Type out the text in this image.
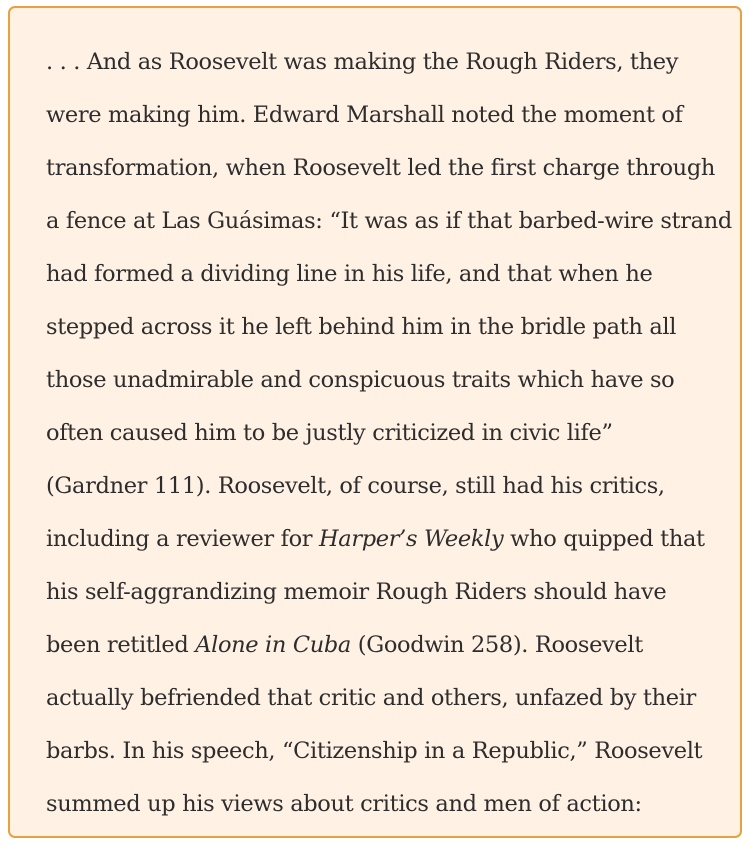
. . . And as Roosevelt was making the Rough Riders, they
were making him. Edward Marshall noted the moment of
transformation, when Roosevelt led the first charge through
a fence at Las Guásimas: “It was as if that barbed-wire strand
had formed a dividing line in his life, and that when he
stepped across it he left behind him in the bridle path all
those unadmirable and conspicuous traits which have so
often caused him to be justly criticized in civic life”
(Gardner 111). Roosevelt, of course, still had his critics,
including a reviewer for Harper’s Weekly who quipped that
his self-aggrandizing memoir Rough Riders should have
been retitled Alone in Cuba (Goodwin 258). Roosevelt
actually befriended that critic and others, unfazed by their
barbs. In his speech, “Citizenship in a Republic,” Roosevelt
summed up his views about critics and men of action:
